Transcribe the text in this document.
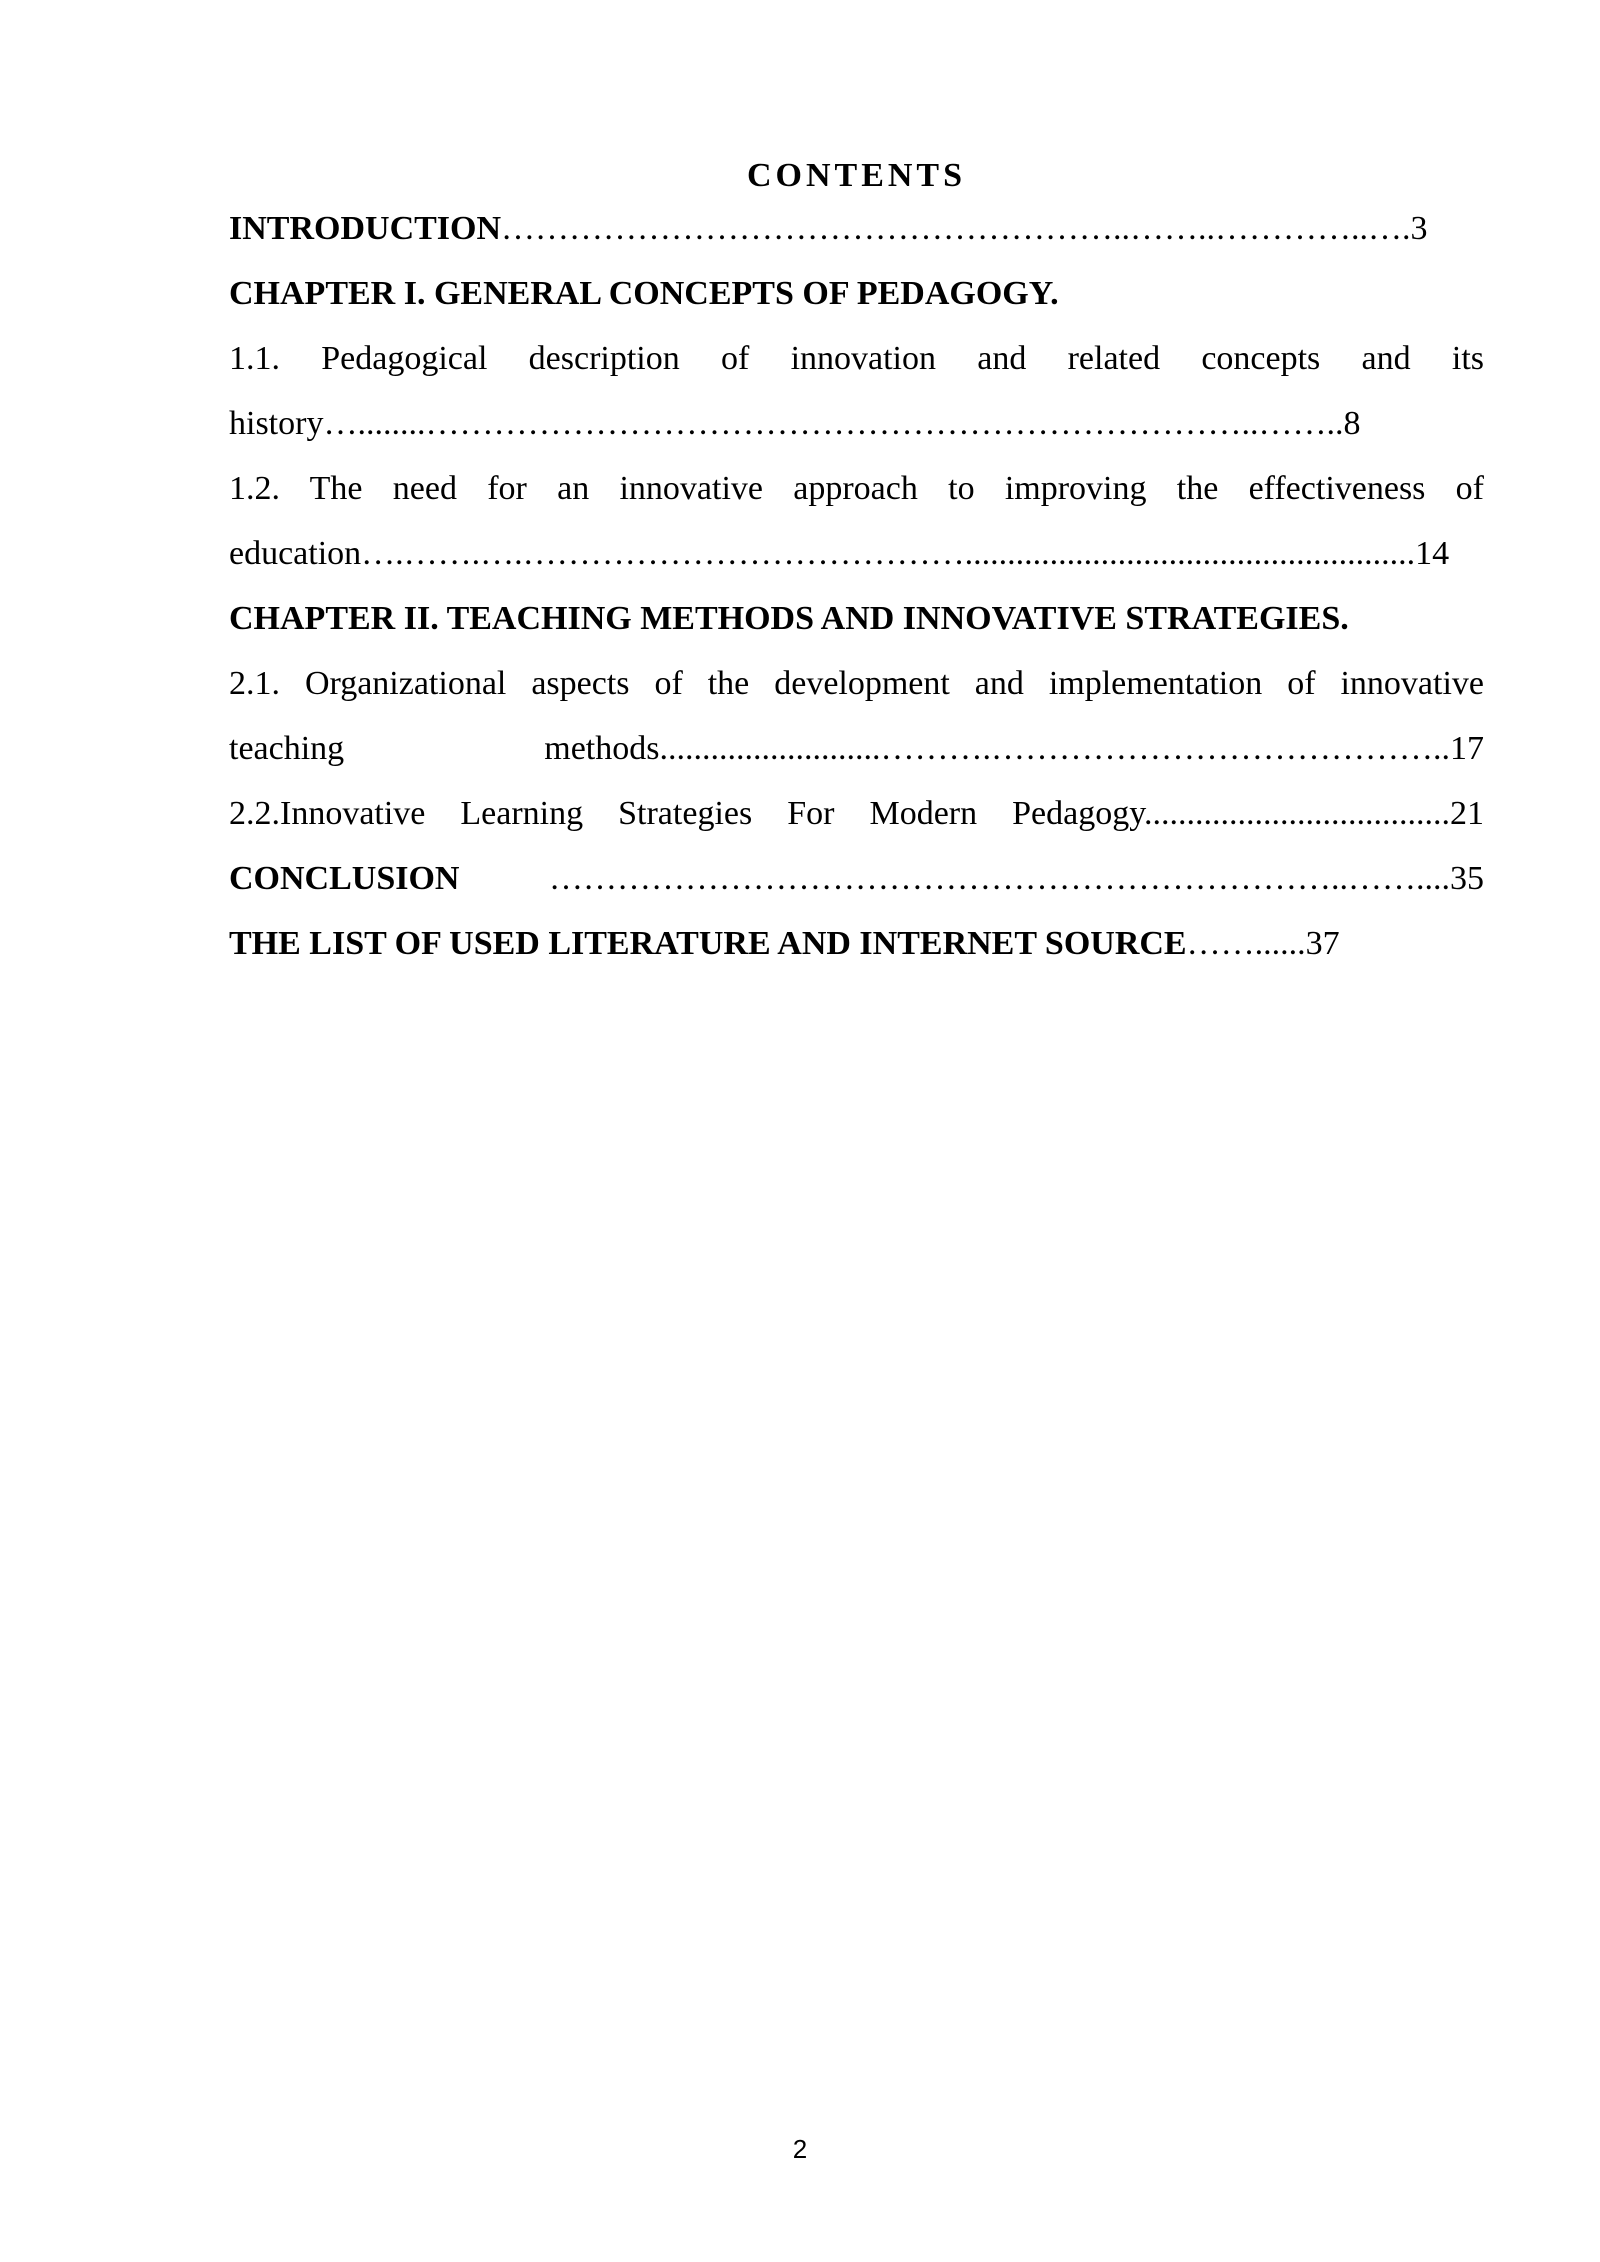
CONTENTS

INTRODUCTION………………………………………………..……..…………..….3

CHAPTER I. GENERAL CONCEPTS OF PEDAGOGY.

1.1. Pedagogical description of innovation and related concepts and its
history…........………………………………………………………………..……..8

1.2. The need for an innovative approach to improving the effectiveness of
education….…….….………………………………….....................................................14

CHAPTER II. TEACHING METHODS AND INNOVATIVE STRATEGIES.

2.1. Organizational aspects of the development and implementation of innovative
teaching methods..........................……….…………………………………..17

2.2.Innovative Learning Strategies For Modern Pedagogy....................................21

CONCLUSION ……………………………………………………………..……....35

THE LIST OF USED LITERATURE AND INTERNET SOURCE……......37

2
